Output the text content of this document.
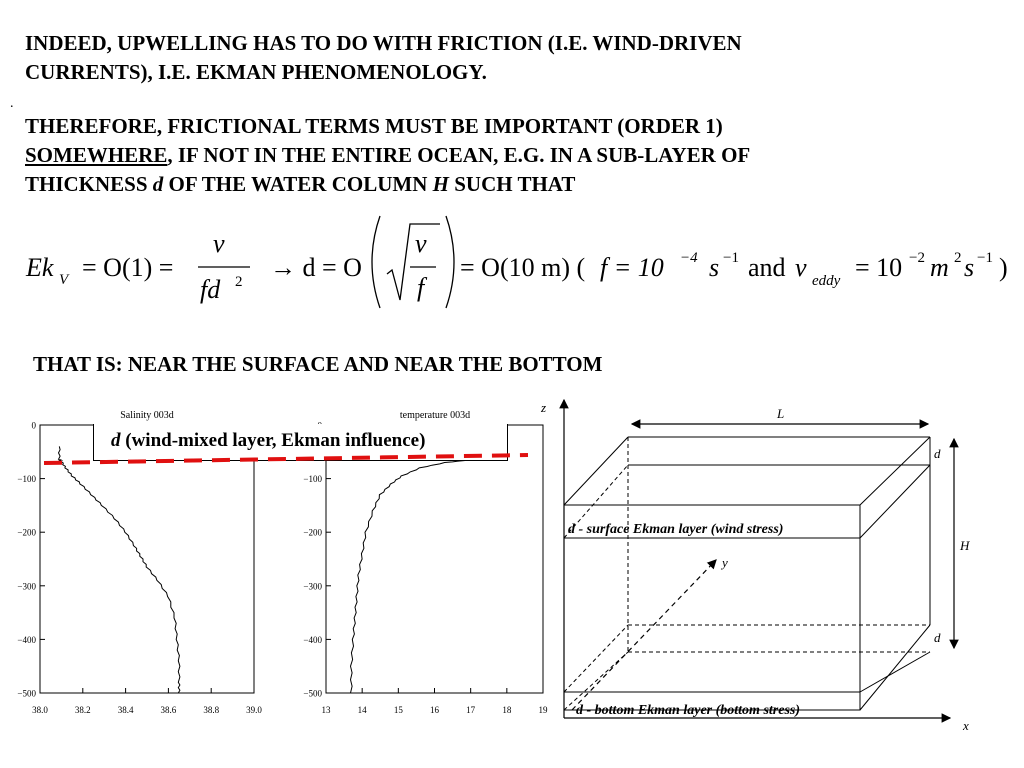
INDEED, UPWELLING HAS TO DO WITH FRICTION (I.E. WIND-DRIVEN
CURRENTS), I.E. EKMAN PHENOMENOLOGY.
.
THEREFORE, FRICTIONAL TERMS MUST BE IMPORTANT (ORDER 1)
SOMEWHERE, IF NOT IN THE ENTIRE OCEAN, E.G. IN A SUB-LAYER OF
THICKNESS d OF THE WATER COLUMN H SUCH THAT
Ek V = O(1) =
ν
fd 2 → d = O
ν
f
= O(10 m) ( f = 10 −4 s −1 and ν eddy = 10 −2 m 2 s −1 )
THAT IS: NEAR THE SURFACE AND NEAR THE BOTTOM
Salinity 003d	temperature 003d
0
−100
−200
−300
−400
−500
38.0	38.2	38.4	38.6	38.8	39.0
−100
−200
−300
−400
−500
13	14	15	16	17	18	19
d (wind-mixed layer, Ekman influence)
z	L
d
H
d
y
x
d - surface Ekman layer (wind stress)
d - bottom Ekman layer (bottom stress)
